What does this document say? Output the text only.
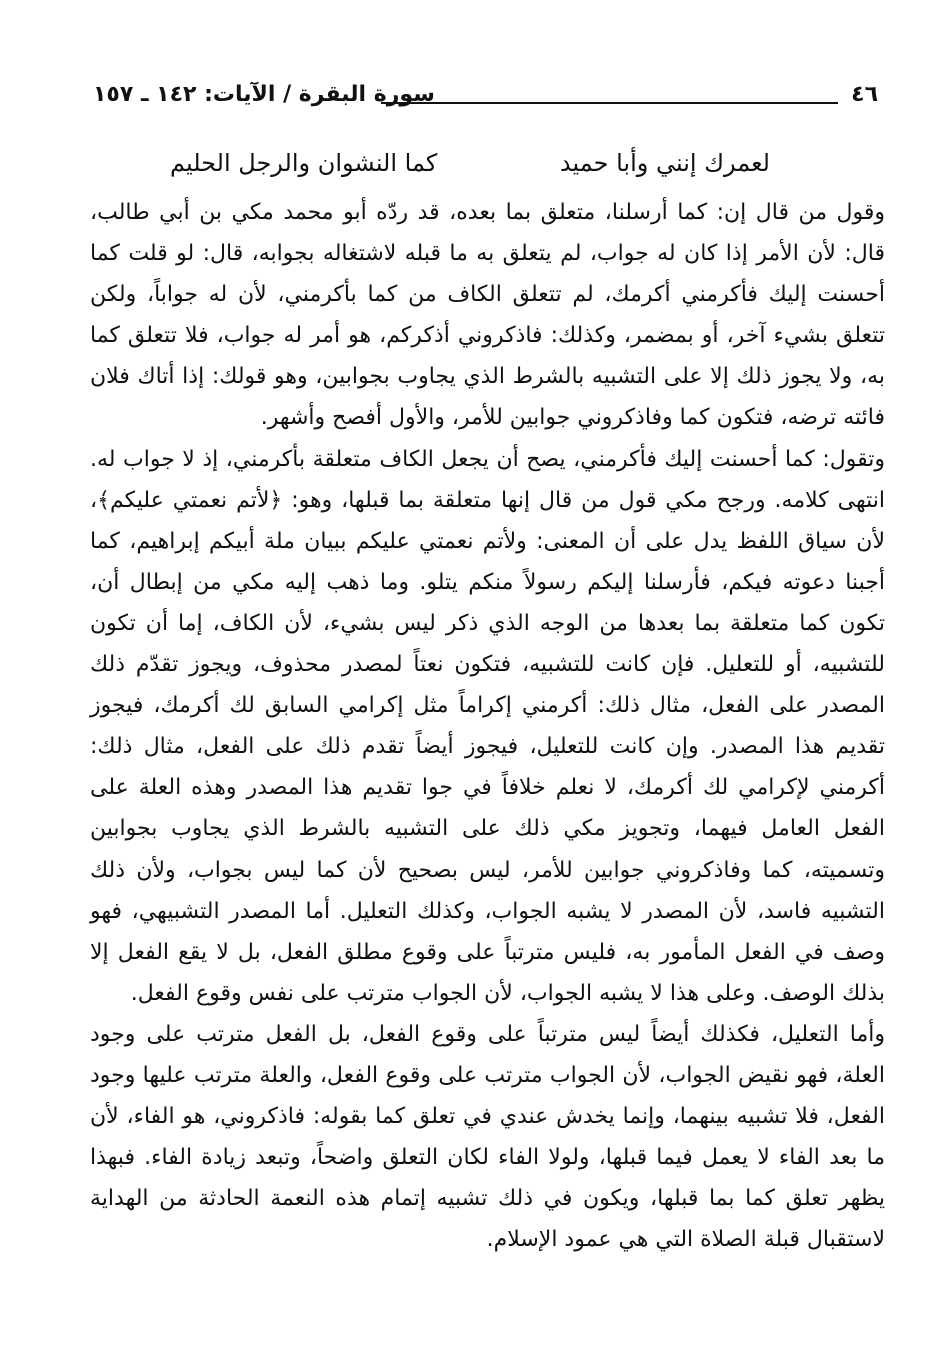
٤٦
سورة البقرة / الآيات: ١٤٢ ـ ١٥٧
لعمرك إنني وأبا حميد
كما النشوان والرجل الحليم

وقول من قال إن: كما أرسلنا، متعلق بما بعده، قد ردّه أبو محمد مكي بن أبي طالب، قال: لأن الأمر إذا كان له جواب، لم يتعلق به ما قبله لاشتغاله بجوابه، قال: لو قلت كما أحسنت إليك فأكرمني أكرمك، لم تتعلق الكاف من كما بأكرمني، لأن له جواباً، ولكن تتعلق بشيء آخر، أو بمضمر، وكذلك: فاذكروني أذكركم، هو أمر له جواب، فلا تتعلق كما به، ولا يجوز ذلك إلا على التشبيه بالشرط الذي يجاوب بجوابين، وهو قولك: إذا أتاك فلان فائته ترضه، فتكون كما وفاذكروني جوابين للأمر، والأول أفصح وأشهر.

وتقول: كما أحسنت إليك فأكرمني، يصح أن يجعل الكاف متعلقة بأكرمني، إذ لا جواب له. انتهى كلامه. ورجح مكي قول من قال إنها متعلقة بما قبلها، وهو: ﴿لأتم نعمتي عليكم﴾، لأن سياق اللفظ يدل على أن المعنى: ولأتم نعمتي عليكم ببيان ملة أبيكم إبراهيم، كما أجبنا دعوته فيكم، فأرسلنا إليكم رسولاً منكم يتلو. وما ذهب إليه مكي من إبطال أن، تكون كما متعلقة بما بعدها من الوجه الذي ذكر ليس بشيء، لأن الكاف، إما أن تكون للتشبيه، أو للتعليل. فإن كانت للتشبيه، فتكون نعتاً لمصدر محذوف، ويجوز تقدّم ذلك المصدر على الفعل، مثال ذلك: أكرمني إكراماً مثل إكرامي السابق لك أكرمك، فيجوز تقديم هذا المصدر. وإن كانت للتعليل، فيجوز أيضاً تقدم ذلك على الفعل، مثال ذلك: أكرمني لإكرامي لك أكرمك، لا نعلم خلافاً في جوا تقديم هذا المصدر وهذه العلة على الفعل العامل فيهما، وتجويز مكي ذلك على التشبيه بالشرط الذي يجاوب بجوابين وتسميته، كما وفاذكروني جوابين للأمر، ليس بصحيح لأن كما ليس بجواب، ولأن ذلك التشبيه فاسد، لأن المصدر لا يشبه الجواب، وكذلك التعليل. أما المصدر التشبيهي، فهو وصف في الفعل المأمور به، فليس مترتباً على وقوع مطلق الفعل، بل لا يقع الفعل إلا بذلك الوصف. وعلى هذا لا يشبه الجواب، لأن الجواب مترتب على نفس وقوع الفعل.

وأما التعليل، فكذلك أيضاً ليس مترتباً على وقوع الفعل، بل الفعل مترتب على وجود العلة، فهو نقيض الجواب، لأن الجواب مترتب على وقوع الفعل، والعلة مترتب عليها وجود الفعل، فلا تشبيه بينهما، وإنما يخدش عندي في تعلق كما بقوله: فاذكروني، هو الفاء، لأن ما بعد الفاء لا يعمل فيما قبلها، ولولا الفاء لكان التعلق واضحاً، وتبعد زيادة الفاء. فبهذا يظهر تعلق كما بما قبلها، ويكون في ذلك تشبيه إتمام هذه النعمة الحادثة من الهداية لاستقبال قبلة الصلاة التي هي عمود الإسلام.
